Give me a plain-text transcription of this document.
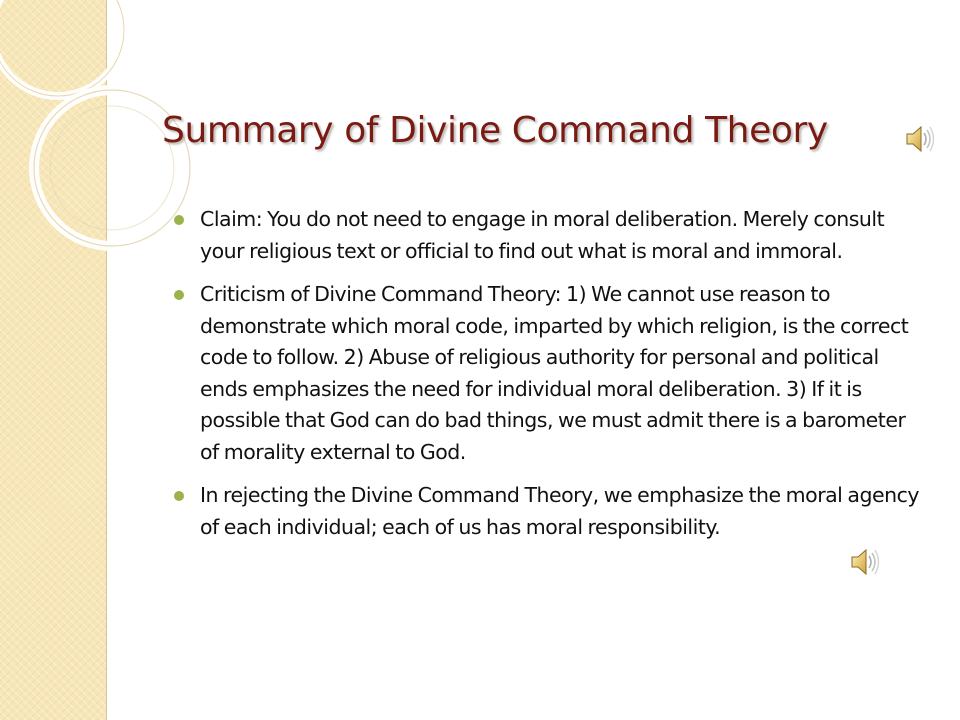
Summary of Divine Command Theory
Claim: You do not need to engage in moral deliberation. Merely consult your religious text or official to find out what is moral and immoral.
Criticism of Divine Command Theory: 1) We cannot use reason to demonstrate which moral code, imparted by which religion, is the correct code to follow. 2) Abuse of religious authority for personal and political ends emphasizes the need for individual moral deliberation. 3) If it is possible that God can do bad things, we must admit there is a barometer of morality external to God.
In rejecting the Divine Command Theory, we emphasize the moral agency of each individual; each of us has moral responsibility.
